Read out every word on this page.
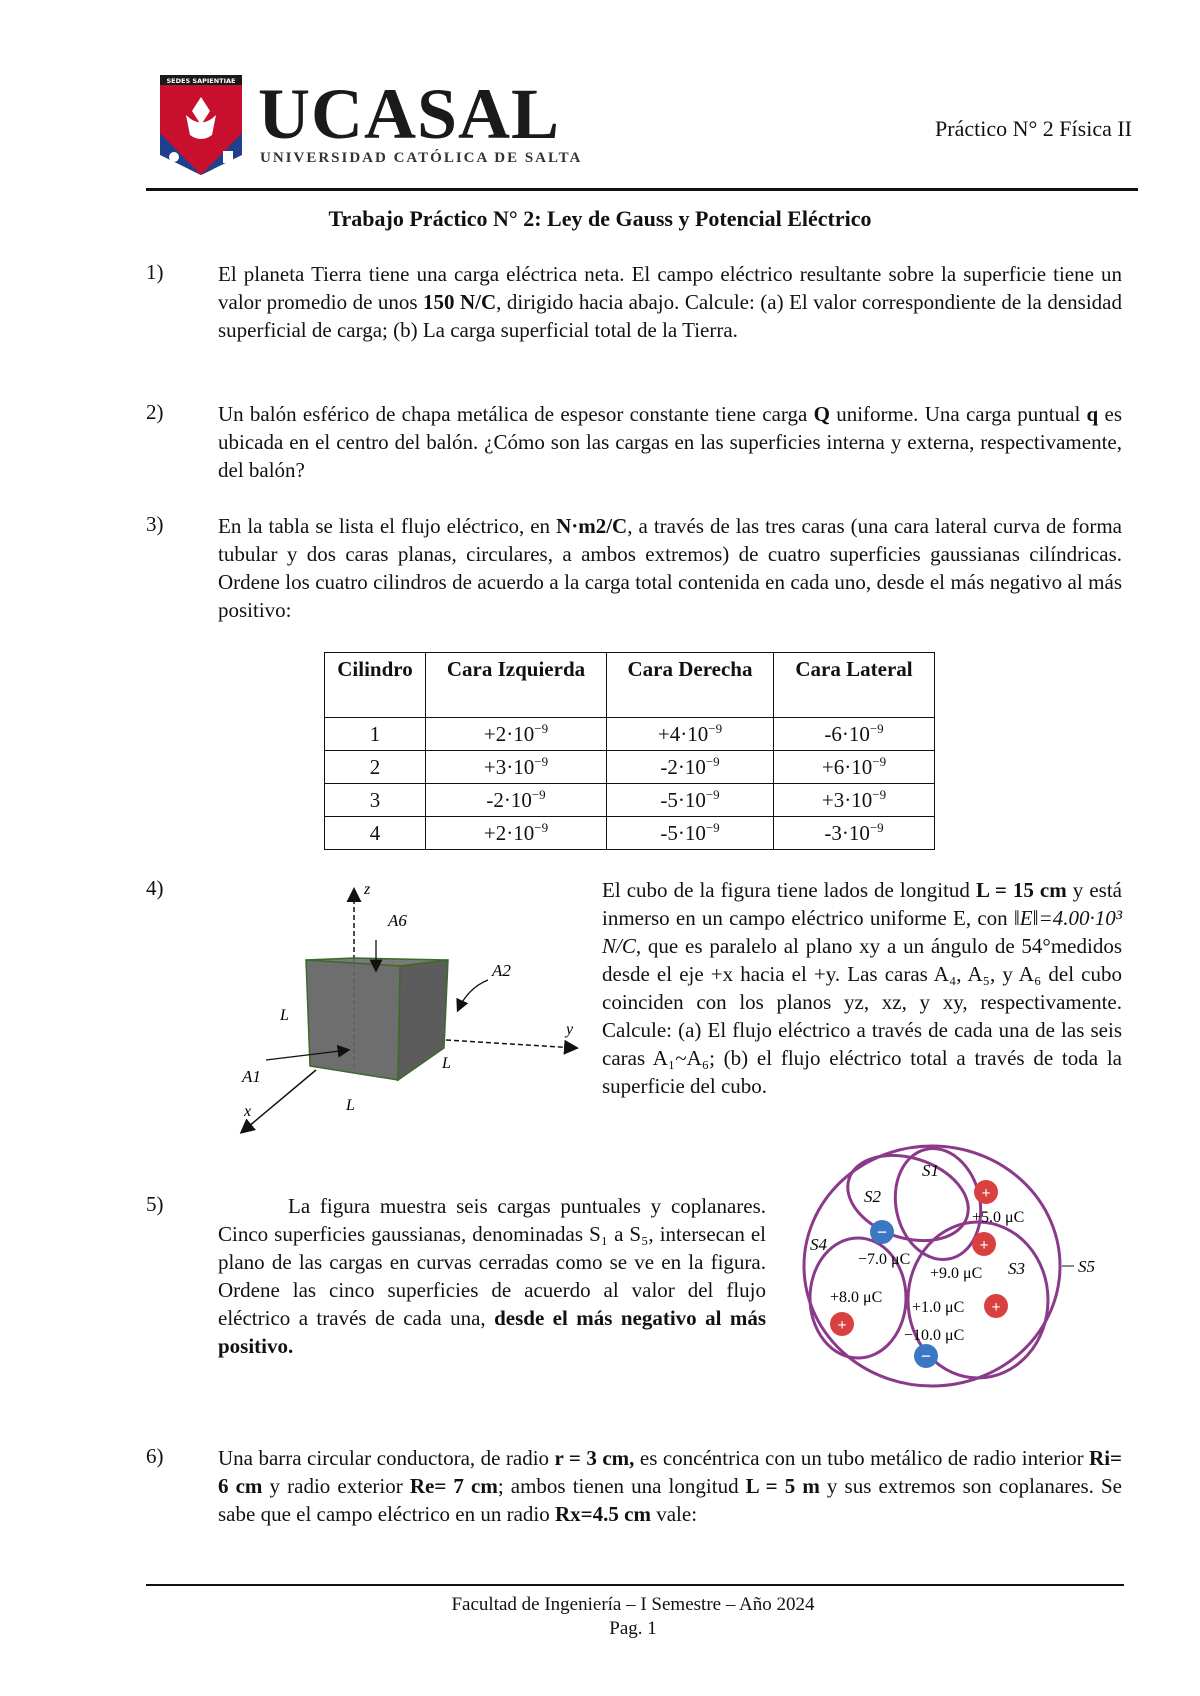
SEDES SAPIENTIAE UCASAL
UNIVERSIDAD CATÓLICA DE SALTA
Práctico N° 2 Física II
Trabajo Práctico N° 2: Ley de Gauss y Potencial Eléctrico
1)	El planeta Tierra tiene una carga eléctrica neta. El campo eléctrico resultante sobre la superficie tiene un valor promedio de unos 150 N/C, dirigido hacia abajo. Calcule: (a) El valor correspondiente de la densidad superficial de carga; (b) La carga superficial total de la Tierra.
2)	Un balón esférico de chapa metálica de espesor constante tiene carga Q uniforme. Una carga puntual q es ubicada en el centro del balón. ¿Cómo son las cargas en las superficies interna y externa, respectivamente, del balón?
3)	En la tabla se lista el flujo eléctrico, en N·m2/C, a través de las tres caras (una cara lateral curva de forma tubular y dos caras planas, circulares, a ambos extremos) de cuatro superficies gaussianas cilíndricas. Ordene los cuatro cilindros de acuerdo a la carga total contenida en cada uno, desde el más negativo al más positivo:
Cilindro	Cara Izquierda	Cara Derecha	Cara Lateral
1	$+2\cdot 10^{-9}$	$+4\cdot 10^{-9}$	$-6\cdot 10^{-9}$
2	$+3\cdot 10^{-9}$	$-2\cdot 10^{-9}$	$+6\cdot 10^{-9}$
3	$-2\cdot 10^{-9}$	$-5\cdot 10^{-9}$	$+3\cdot 10^{-9}$
4	$+2\cdot 10^{-9}$	$-5\cdot 10^{-9}$	$-3\cdot 10^{-9}$
4)	z
y
x
A6
A2
A1
L
L
L
El cubo de la figura tiene lados de longitud L = 15 cm y está inmerso en un campo eléctrico uniforme E, con ‖E‖=4.00·10³ N/C, que es paralelo al plano xy a un ángulo de 54°medidos desde el eje +x hacia el +y. Las caras A₄, A₅, y A₆ del cubo coinciden con los planos yz, xz, y xy, respectivamente. Calcule: (a) El flujo eléctrico a través de cada una de las seis caras A₁~A₆; (b) el flujo eléctrico total a través de toda la superficie del cubo.
5)	La figura muestra seis cargas puntuales y coplanares. Cinco superficies gaussianas, denominadas S₁ a S₅, intersecan el plano de las cargas en curvas cerradas como se ve en la figura. Ordene las cinco superficies de acuerdo al valor del flujo eléctrico a través de cada una, desde el más negativo al más positivo.
S1
S2
S3
S4
S5
+
+5.0 μC
−
−7.0 μC
+
+9.0 μC
+8.0 μC
+
+1.0 μC +
−10.0 μC
−
6)	Una barra circular conductora, de radio r = 3 cm, es concéntrica con un tubo metálico de radio interior Ri= 6 cm y radio exterior Re= 7 cm; ambos tienen una longitud L = 5 m y sus extremos son coplanares. Se sabe que el campo eléctrico en un radio Rx=4.5 cm vale:
Facultad de Ingeniería – I Semestre – Año 2024
Pag. 1
